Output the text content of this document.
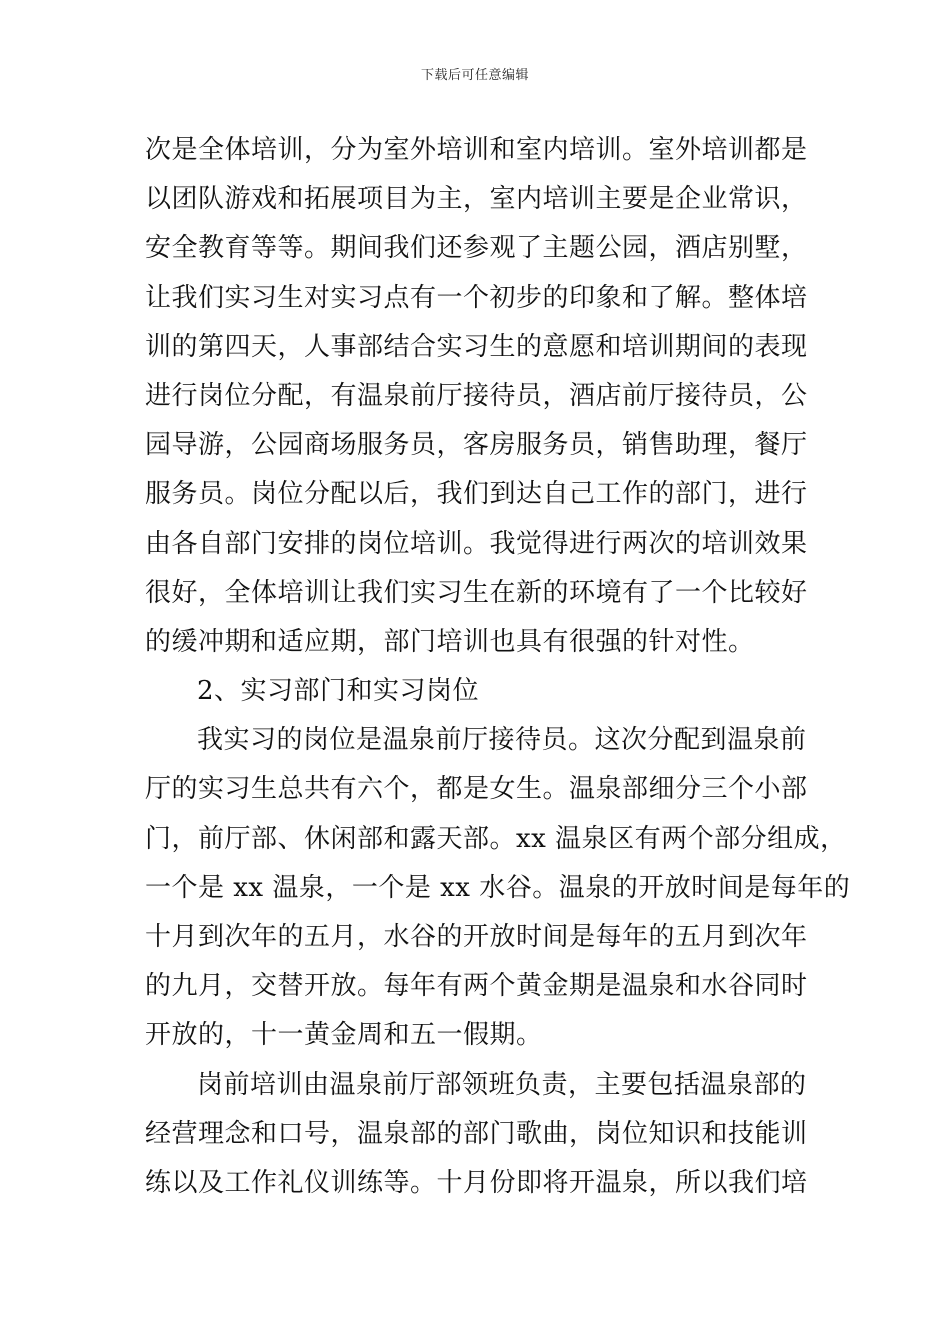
下载后可任意编辑
次是全体培训，分为室外培训和室内培训。室外培训都是
以团队游戏和拓展项目为主，室内培训主要是企业常识，
安全教育等等。期间我们还参观了主题公园，酒店别墅，
让我们实习生对实习点有一个初步的印象和了解。整体培
训的第四天，人事部结合实习生的意愿和培训期间的表现
进行岗位分配，有温泉前厅接待员，酒店前厅接待员，公
园导游，公园商场服务员，客房服务员，销售助理，餐厅
服务员。岗位分配以后，我们到达自己工作的部门，进行
由各自部门安排的岗位培训。我觉得进行两次的培训效果
很好，全体培训让我们实习生在新的环境有了一个比较好
的缓冲期和适应期，部门培训也具有很强的针对性。
2、实习部门和实习岗位
我实习的岗位是温泉前厅接待员。这次分配到温泉前
厅的实习生总共有六个，都是女生。温泉部细分三个小部
门，前厅部、休闲部和露天部。xx 温泉区有两个部分组成，
一个是 xx 温泉，一个是 xx 水谷。温泉的开放时间是每年的
十月到次年的五月，水谷的开放时间是每年的五月到次年
的九月，交替开放。每年有两个黄金期是温泉和水谷同时
开放的，十一黄金周和五一假期。
岗前培训由温泉前厅部领班负责，主要包括温泉部的
经营理念和口号，温泉部的部门歌曲，岗位知识和技能训
练以及工作礼仪训练等。十月份即将开温泉，所以我们培
